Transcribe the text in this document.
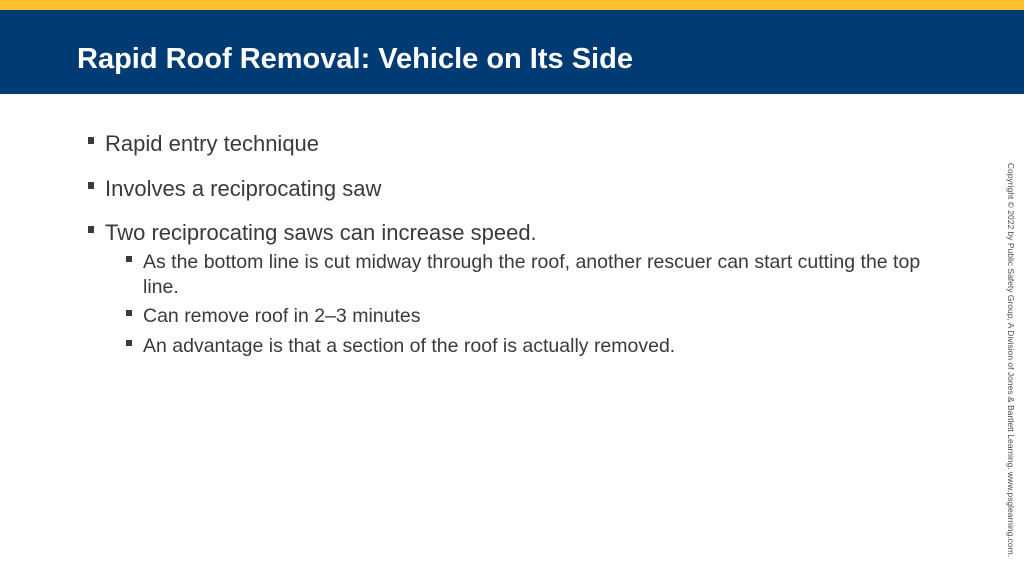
Rapid Roof Removal: Vehicle on Its Side
Rapid entry technique
Involves a reciprocating saw
Two reciprocating saws can increase speed.
As the bottom line is cut midway through the roof, another rescuer can start cutting the top line.
Can remove roof in 2–3 minutes
An advantage is that a section of the roof is actually removed.	Copyright © 2022 by Public Safety Group, A Division of Jones & Bartlett Learning. www.psglearning.com.
